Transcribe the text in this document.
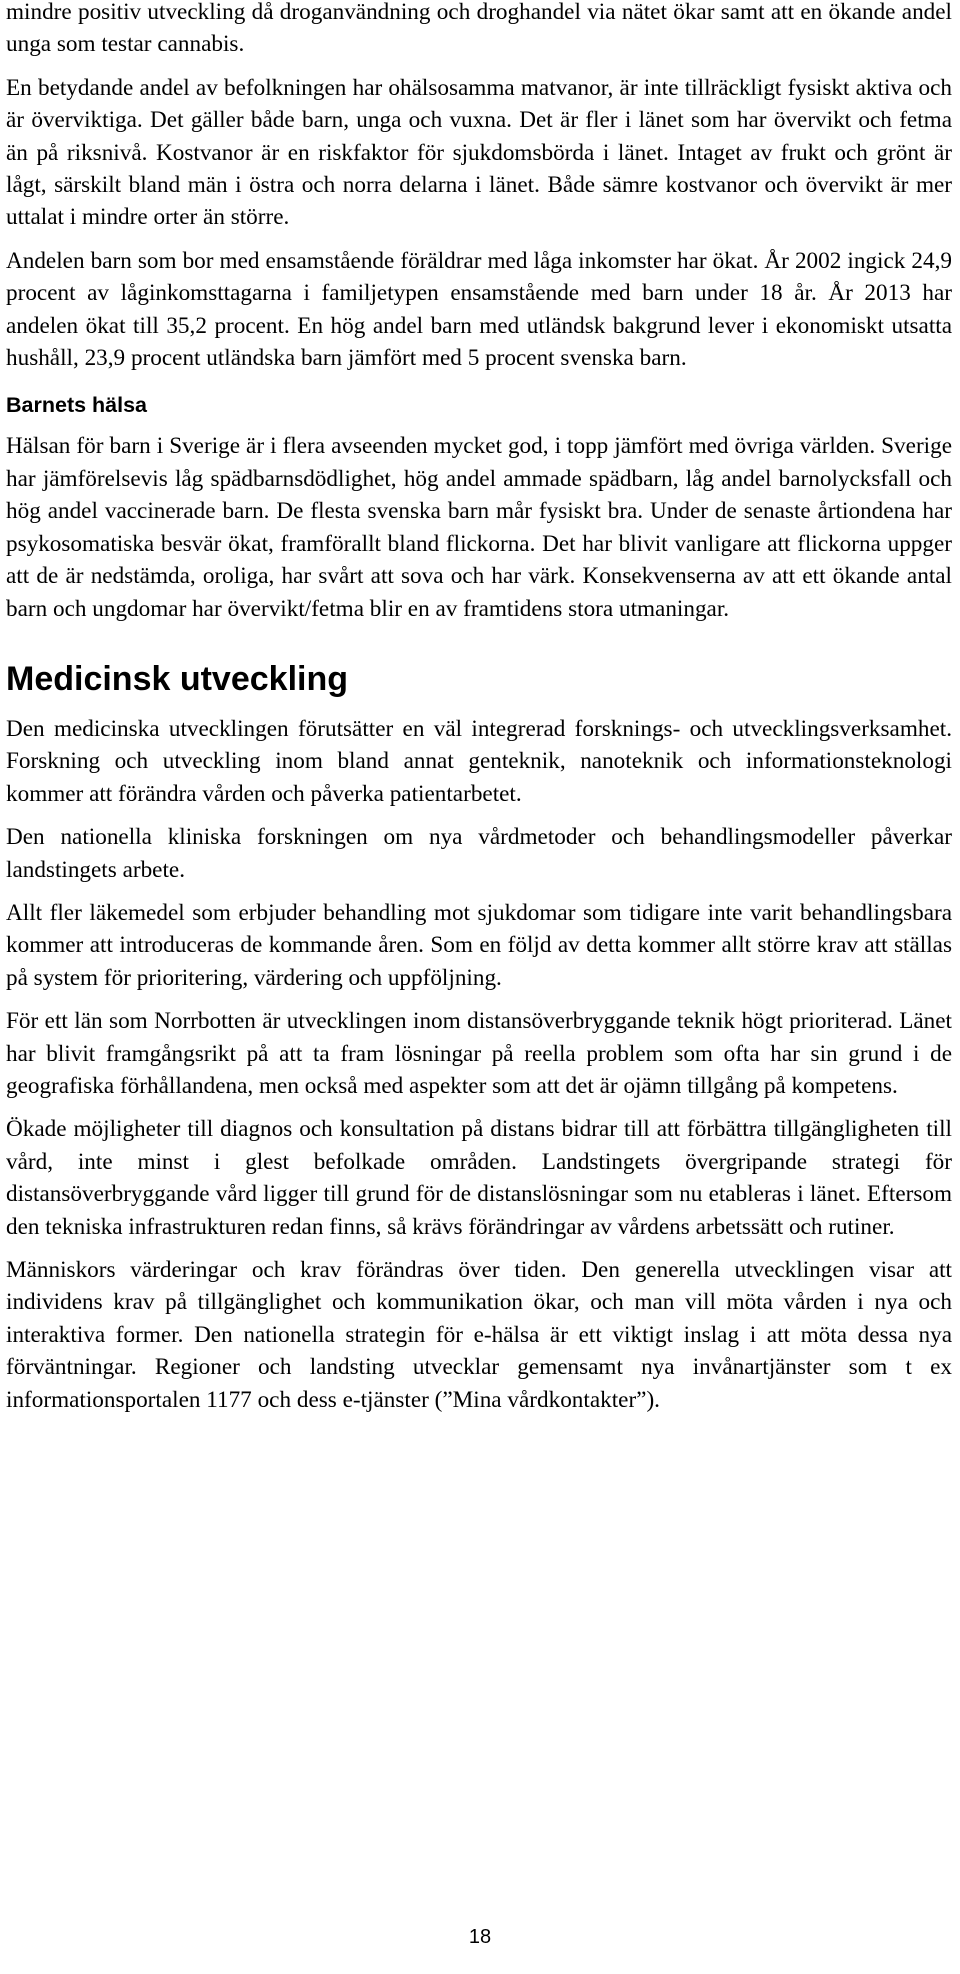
mindre positiv utveckling då droganvändning och droghandel via nätet ökar samt att en ökande andel unga som testar cannabis.

En betydande andel av befolkningen har ohälsosamma matvanor, är inte tillräckligt fysiskt aktiva och är överviktiga. Det gäller både barn, unga och vuxna. Det är fler i länet som har övervikt och fetma än på riksnivå. Kostvanor är en riskfaktor för sjukdomsbörda i länet. Intaget av frukt och grönt är lågt, särskilt bland män i östra och norra delarna i länet. Både sämre kostvanor och övervikt är mer uttalat i mindre orter än större.

Andelen barn som bor med ensamstående föräldrar med låga inkomster har ökat. År 2002 ingick 24,9 procent av låginkomsttagarna i familjetypen ensamstående med barn under 18 år. År 2013 har andelen ökat till 35,2 procent. En hög andel barn med utländsk bakgrund lever i ekonomiskt utsatta hushåll, 23,9 procent utländska barn jämfört med 5 procent svenska barn.

Barnets hälsa

Hälsan för barn i Sverige är i flera avseenden mycket god, i topp jämfört med övriga världen. Sverige har jämförelsevis låg spädbarnsdödlighet, hög andel ammade spädbarn, låg andel barnolycksfall och hög andel vaccinerade barn. De flesta svenska barn mår fysiskt bra. Under de senaste årtiondena har psykosomatiska besvär ökat, framförallt bland flickorna. Det har blivit vanligare att flickorna uppger att de är nedstämda, oroliga, har svårt att sova och har värk. Konsekvenserna av att ett ökande antal barn och ungdomar har övervikt/fetma blir en av framtidens stora utmaningar.

Medicinsk utveckling

Den medicinska utvecklingen förutsätter en väl integrerad forsknings- och utvecklingsverksamhet. Forskning och utveckling inom bland annat genteknik, nanoteknik och informationsteknologi kommer att förändra vården och påverka patientarbetet.

Den nationella kliniska forskningen om nya vårdmetoder och behandlingsmodeller påverkar landstingets arbete.

Allt fler läkemedel som erbjuder behandling mot sjukdomar som tidigare inte varit behandlingsbara kommer att introduceras de kommande åren. Som en följd av detta kommer allt större krav att ställas på system för prioritering, värdering och uppföljning.

För ett län som Norrbotten är utvecklingen inom distansöverbryggande teknik högt prioriterad. Länet har blivit framgångsrikt på att ta fram lösningar på reella problem som ofta har sin grund i de geografiska förhållandena, men också med aspekter som att det är ojämn tillgång på kompetens.

Ökade möjligheter till diagnos och konsultation på distans bidrar till att förbättra tillgängligheten till vård, inte minst i glest befolkade områden. Landstingets övergripande strategi för distansöverbryggande vård ligger till grund för de distanslösningar som nu etableras i länet. Eftersom den tekniska infrastrukturen redan finns, så krävs förändringar av vårdens arbetssätt och rutiner.

Människors värderingar och krav förändras över tiden. Den generella utvecklingen visar att individens krav på tillgänglighet och kommunikation ökar, och man vill möta vården i nya och interaktiva former. Den nationella strategin för e-hälsa är ett viktigt inslag i att möta dessa nya förväntningar. Regioner och landsting utvecklar gemensamt nya invånartjänster som t ex informationsportalen 1177 och dess e-tjänster (”Mina vårdkontakter”).

18
